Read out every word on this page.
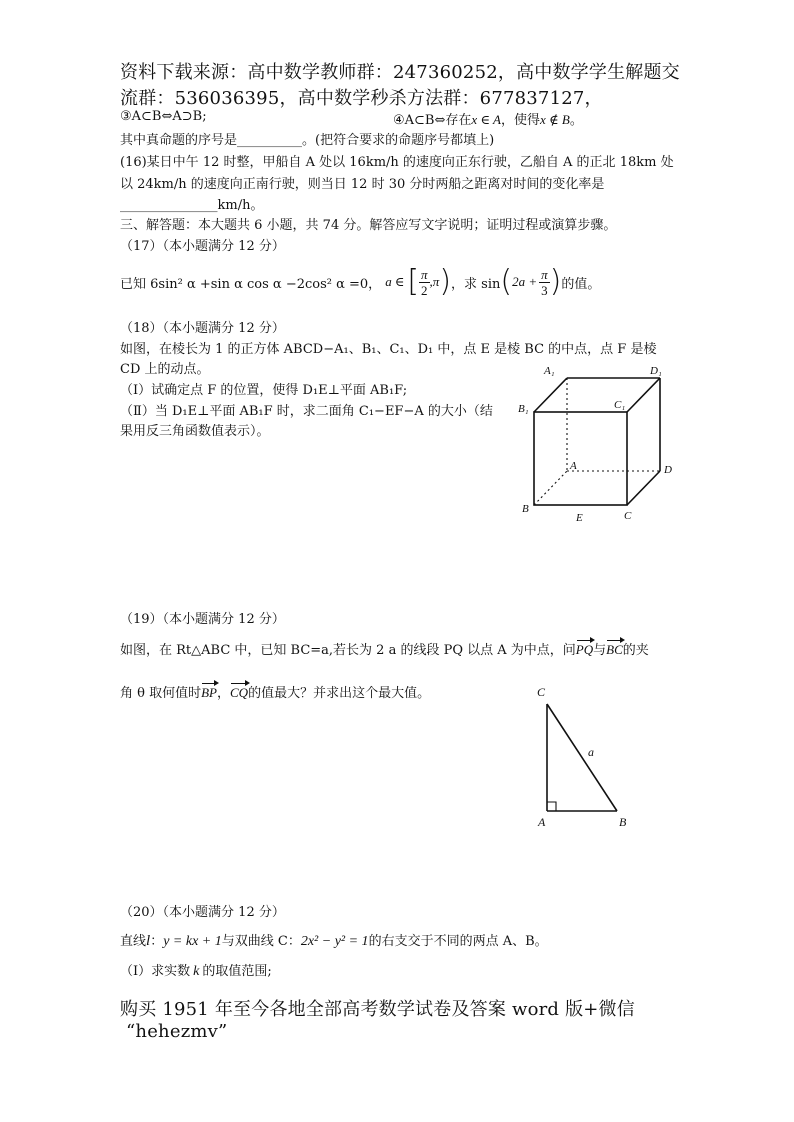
资料下载来源：高中数学教师群：247360252，高中数学学生解题交
流群：536036395，高中数学秒杀方法群：677837127，
③A⊂B⇔A⊃B;	④A⊂B⇔存在x ∈ A，使得x ∉ B。
其中真命题的序号是__________。(把符合要求的命题序号都填上)
(16)某日中午 12 时整，甲船自 A 处以 16km/h 的速度向正东行驶，乙船自 A 的正北 18km 处
以 24km/h 的速度向正南行驶，则当日 12 时 30 分时两船之距离对时间的变化率是
_______________km/h。
三、解答题：本大题共 6 小题，共 74 分。解答应写文字说明；证明过程或演算步骤。
（17）（本小题满分 12 分）
已知 6sin² α +sin α cos α −2cos² α =0， a ∈ [ $\frac{\pi}{2} ,\pi$ ) ，求 sin ( $2a + \frac{\pi}{3}$ ) 的值。
（18）（本小题满分 12 分）
如图，在棱长为 1 的正方体 ABCD−A₁、B₁、C₁、D₁ 中，点 E 是棱 BC 的中点，点 F 是棱
CD 上的动点。
（Ⅰ）试确定点 F 的位置，使得 D₁E⊥平面 AB₁F;
（Ⅱ）当 D₁E⊥平面 AB₁F 时，求二面角 C₁−EF−A 的大小（结
果用反三角函数值表示）。
A₁	D₁
B₁	C₁
A	D
B
E	C
（19）（本小题满分 12 分）
如图，在 Rt△ABC 中，已知 BC=a,若长为 2 a 的线段 PQ 以点 A 为中点，问PQ与BC的夹
角 θ 取何值时BP，CQ的值最大？并求出这个最大值。	C
a
A	B
（20）（本小题满分 12 分）
直线l：y = kx + 1与双曲线 C：2x² − y² = 1的右支交于不同的两点 A、B。
（Ⅰ）求实数 k 的取值范围;
购买 1951 年至今各地全部高考数学试卷及答案 word 版+微信
“hehezmv”
